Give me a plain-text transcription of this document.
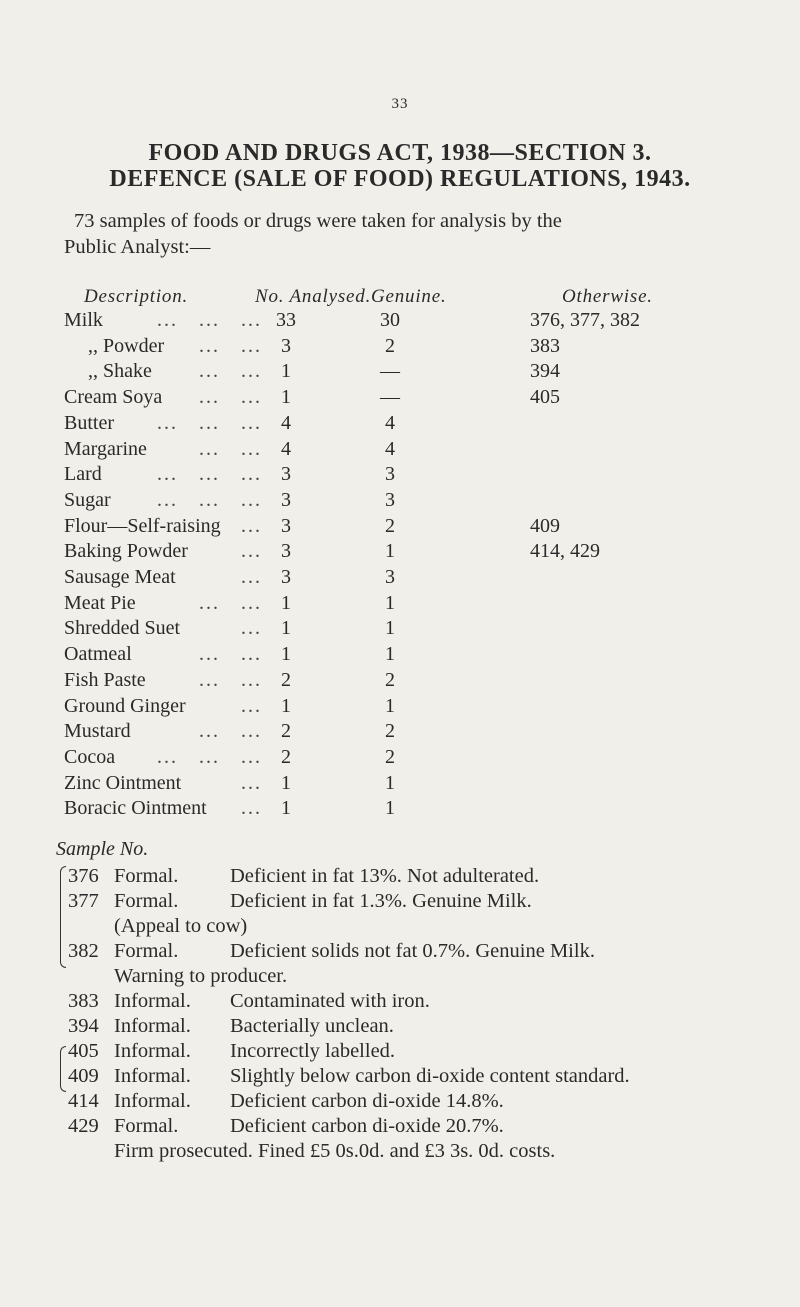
33
FOOD AND DRUGS ACT, 1938—SECTION 3.
DEFENCE (SALE OF FOOD) REGULATIONS, 1943.
73 samples of foods or drugs were taken for analysis by the
Public Analyst:—
Description.	No. Analysed. Genuine.	Otherwise.
Milk	33	30	376, 377, 382
...   ...   ...
,, Powder	3	2	383
...   ...
,, Shake	1	—	394
...   ...
Cream Soya	1	—	405
...   ...
Butter	4	4
...   ...   ...
Margarine	4	4
...   ...
Lard	3	3
...   ...   ...
Sugar	3	3
...   ...   ...
Flour—Self-raising	3	2	409
...
Baking Powder	3	1	414, 429
...
Sausage Meat	3	3
...
Meat Pie	1	1
...   ...
Shredded Suet	1	1
...
Oatmeal	1	1
...   ...
Fish Paste	2	2
...   ...
Ground Ginger	1	1
...
Mustard	2	2
...   ...
Cocoa	2	2
...   ...   ...
Zinc Ointment	1	1
...
Boracic Ointment	1	1
...
Sample No.
376 Formal.	Deficient in fat 13%. Not adulterated.
377 Formal.	Deficient in fat 1.3%. Genuine Milk.
(Appeal to cow)
382 Formal.	Deficient solids not fat 0.7%. Genuine Milk.
Warning to producer.
383 Informal. Contaminated with iron.
394 Informal. Bacterially unclean.
405 Informal. Incorrectly labelled.
409 Informal. Slightly below carbon di-oxide content standard.
414 Informal. Deficient carbon di-oxide 14.8%.
429 Formal.	Deficient carbon di-oxide 20.7%.
Firm prosecuted. Fined £5 0s.0d. and £3 3s. 0d. costs.
